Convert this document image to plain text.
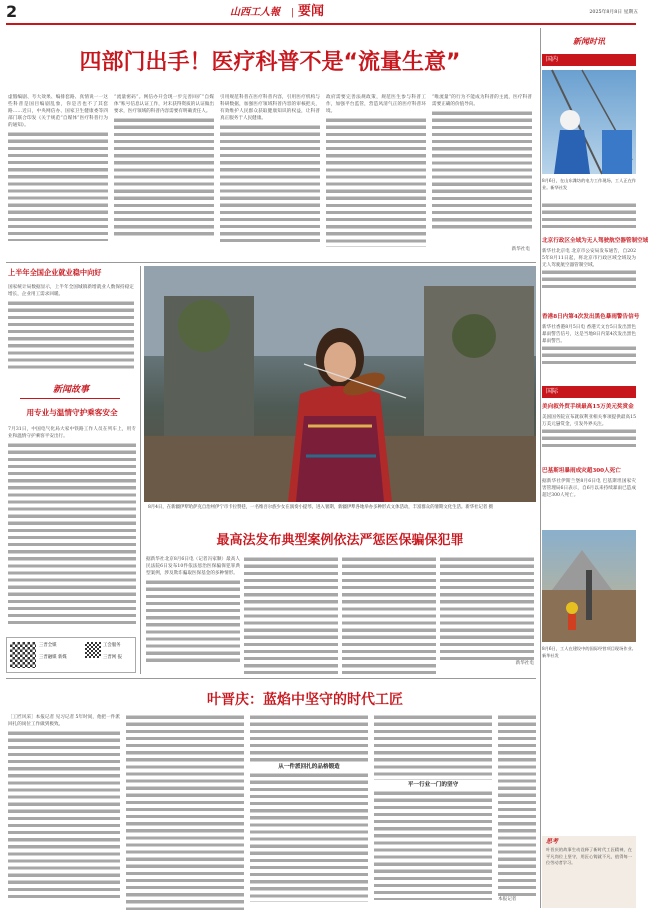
2	山西工人報	| 要闻	2025年8月8日 星期五
四部门出手！医疗科普不是“流量生意”
虚假编剧、夸大效果、编排套路、真情说一一这些科普是国目编剧乱象，你是否也不了其套路……近日，中央网信办、国家卫生健康委等四部门联合印发《关于规范“自媒体”医疗科普行为的通知》。
“流量密码”。网信办开会现一步完善回扩“自媒体”账号信息认证工作，对未获得资质的认证做出要求，医疗领域的科普内容需要有明确责任人。
引用规范科普在医疗科普内容，引用医疗机构与科研数据，加强医疗领域科普内容的审核把关，有效维护人民群众获取健康知识的权益，让科普真正服务于人民健康。
政府需要完善法规政策，规范医生参与科普工作，加强平台监管，营造风清气正的医疗科普环境。
“唯流量”的行为不能成为科普的主流，医疗科普需要正确的价值导向。
新华社电
上半年全国企业就业稳中向好
国家统计局数据显示，上半年全国城镇新增就业人数保持稳定增长，企业用工需求回暖。
新闻故事
用专业与温情守护乘客安全
7月31日，中国电气化局大家中铁路工作人员在列车上，用专业和温情守护乘客平安出行。
三晋全媒
三晋融媒 新媒
工会服务
三晋网 报
8月4日，在新疆伊犁哈萨克自治州伊宁市卡拉赞巷，一名维吾尔族少女在演奏小提琴。进入暑期，新疆伊犁各地举办多种形式文体活动，丰富群众的暑期文化生活。新华社记者 摄
最高法发布典型案例依法严惩医保骗保犯罪
据新华社北京8月6日电（记者冯家顺）最高人民法院6日发布10件依法惩治医保骗保犯罪典型案例，涉及欺诈骗取医保基金的多种情形。
新华社电
叶晋庆：蓝焰中坚守的时代工匠
［工匠风采］本报记者 见习记者 5年时间，他把一件派回扎的岗位工作做到极致。
从一件派回扎的品格锻造
平一行业一门的坚守
本报记者
新闻时讯
国内
8月6日，在山东潍坊的电力工作现场，工人正在作业。新华社发
北京行政区全域为无人驾驶航空器管制空域
新华社北京电 北京市公安局发布通告，自2025年8月11日起，将北京市行政区域全域设为无人驾驶航空器管制空域。
香港8日内第4次发出黑色暴雨警告信号
新华社香港8月5日电 香港天文台5日发出黑色暴雨警告信号，这是当地8日内第4次发出黑色暴雨警告。
国际
美向叙外贸手续最高15万美元奖赏金
美国国务院宣布就叙利亚相关事项提供最高15万美元悬赏金，引发外界关注。
巴基斯坦暴雨成灾超300人死亡
据新华社伊斯兰堡8月6日电 巴基斯坦国家灾害管理局6日表示，自6月以来持续暴雨已造成超过300人死亡。
8月6日，工人在建设中的国际经营项目现场作业。新华社发
思考
叶晋庆的故事生动诠释了新时代工匠精神，在平凡岗位上坚守，用匠心铸就不凡，值得每一位劳动者学习。
